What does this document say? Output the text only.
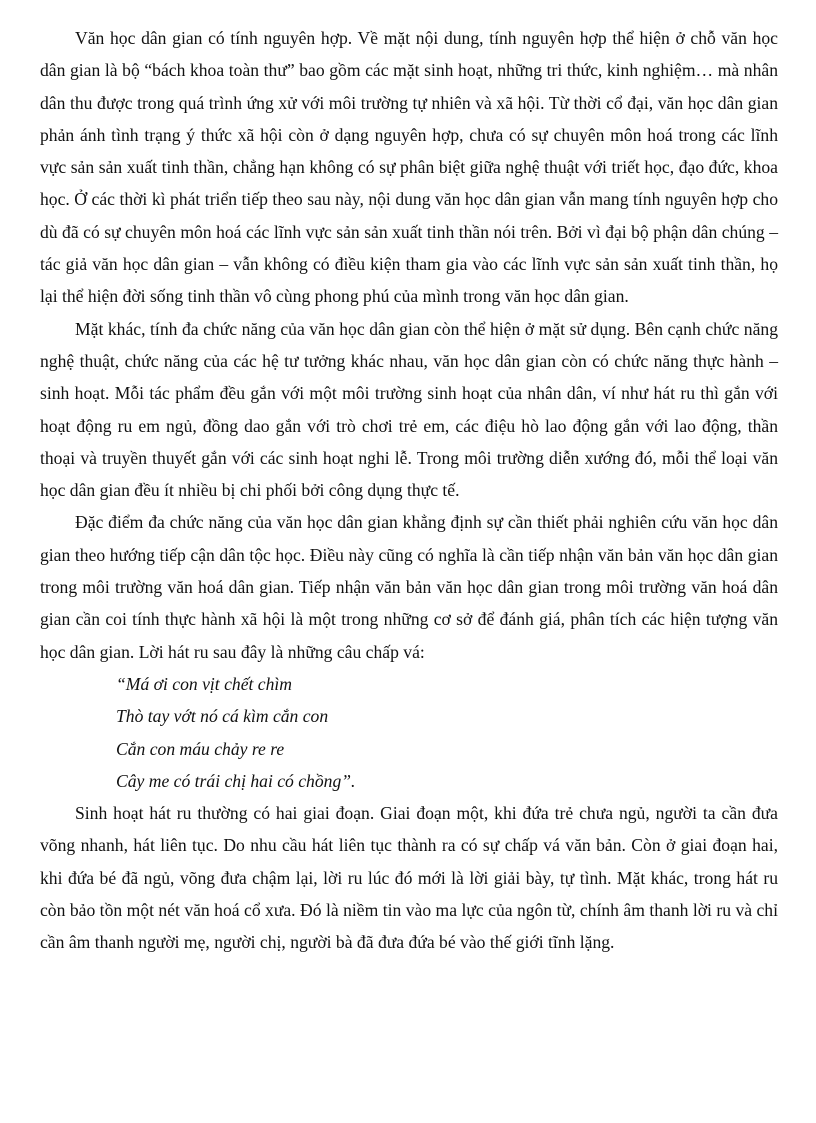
Văn học dân gian có tính nguyên hợp. Về mặt nội dung, tính nguyên hợp thể hiện ở chỗ văn học dân gian là bộ “bách khoa toàn thư” bao gồm các mặt sinh hoạt, những tri thức, kinh nghiệm… mà nhân dân thu được trong quá trình ứng xử với môi trường tự nhiên và xã hội. Từ thời cổ đại, văn học dân gian phản ánh tình trạng ý thức xã hội còn ở dạng nguyên hợp, chưa có sự chuyên môn hoá trong các lĩnh vực sản sản xuất tinh thần, chẳng hạn không có sự phân biệt giữa nghệ thuật với triết học, đạo đức, khoa học. Ở các thời kì phát triển tiếp theo sau này, nội dung văn học dân gian vẫn mang tính nguyên hợp cho dù đã có sự chuyên môn hoá các lĩnh vực sản sản xuất tinh thần nói trên. Bởi vì đại bộ phận dân chúng – tác giả văn học dân gian – vẫn không có điều kiện tham gia vào các lĩnh vực sản sản xuất tinh thần, họ lại thể hiện đời sống tinh thần vô cùng phong phú của mình trong văn học dân gian.

Mặt khác, tính đa chức năng của văn học dân gian còn thể hiện ở mặt sử dụng. Bên cạnh chức năng nghệ thuật, chức năng của các hệ tư tưởng khác nhau, văn học dân gian còn có chức năng thực hành – sinh hoạt. Mỗi tác phẩm đều gắn với một môi trường sinh hoạt của nhân dân, ví như hát ru thì gắn với hoạt động ru em ngủ, đồng dao gắn với trò chơi trẻ em, các điệu hò lao động gắn với lao động, thần thoại và truyền thuyết gắn với các sinh hoạt nghi lễ. Trong môi trường diễn xướng đó, mỗi thể loại văn học dân gian đều ít nhiều bị chi phối bởi công dụng thực tế.

Đặc điểm đa chức năng của văn học dân gian khẳng định sự cần thiết phải nghiên cứu văn học dân gian theo hướng tiếp cận dân tộc học. Điều này cũng có nghĩa là cần tiếp nhận văn bản văn học dân gian trong môi trường văn hoá dân gian. Tiếp nhận văn bản văn học dân gian trong môi trường văn hoá dân gian cần coi tính thực hành xã hội là một trong những cơ sở để đánh giá, phân tích các hiện tượng văn học dân gian. Lời hát ru sau đây là những câu chấp vá:

“Má ơi con vịt chết chìm

Thò tay vớt nó cá kìm cắn con

Cắn con máu chảy re re

Cây me có trái chị hai có chồng”.

Sinh hoạt hát ru thường có hai giai đoạn. Giai đoạn một, khi đứa trẻ chưa ngủ, người ta cần đưa võng nhanh, hát liên tục. Do nhu cầu hát liên tục thành ra có sự chấp vá văn bản. Còn ở giai đoạn hai, khi đứa bé đã ngủ, võng đưa chậm lại, lời ru lúc đó mới là lời giải bày, tự tình. Mặt khác, trong hát ru còn bảo tồn một nét văn hoá cổ xưa. Đó là niềm tin vào ma lực của ngôn từ, chính âm thanh lời ru và chỉ cần âm thanh người mẹ, người chị, người bà đã đưa đứa bé vào thế giới tĩnh lặng.
